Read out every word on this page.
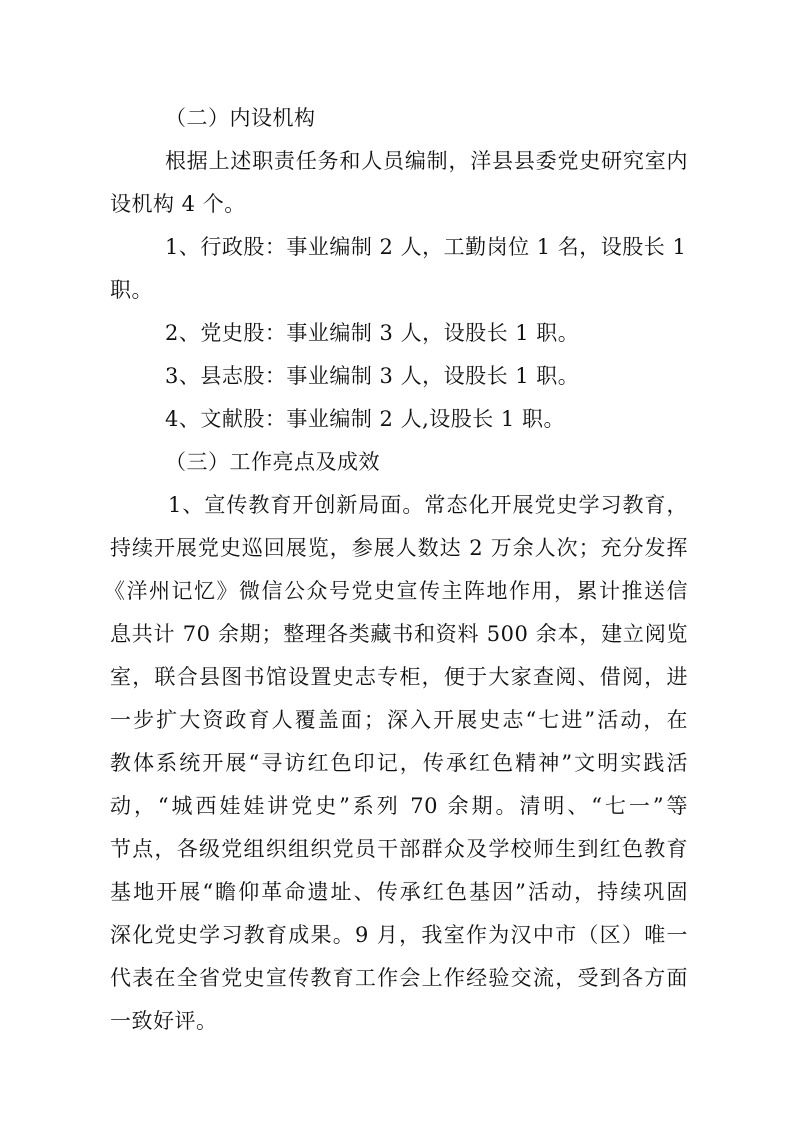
（二）内设机构
根据上述职责任务和人员编制，洋县县委党史研究室内
设机构 4 个。
1、行政股：事业编制 2 人，工勤岗位 1 名，设股长 1
职。
2、党史股：事业编制 3 人，设股长 1 职。
3、县志股：事业编制 3 人，设股长 1 职。
4、文献股：事业编制 2 人,设股长 1 职。
（三）工作亮点及成效
1、宣传教育开创新局面。常态化开展党史学习教育，
持续开展党史巡回展览，参展人数达 2 万余人次；充分发挥
《洋州记忆》微信公众号党史宣传主阵地作用，累计推送信
息共计 70 余期；整理各类藏书和资料 500 余本，建立阅览
室，联合县图书馆设置史志专柜，便于大家查阅、借阅，进
一步扩大资政育人覆盖面；深入开展史志“七进”活动，在
教体系统开展“寻访红色印记，传承红色精神”文明实践活
动，“城西娃娃讲党史”系列 70 余期。清明、“七一”等
节点，各级党组织组织党员干部群众及学校师生到红色教育
基地开展“瞻仰革命遗址、传承红色基因”活动，持续巩固
深化党史学习教育成果。9 月，我室作为汉中市（区）唯一
代表在全省党史宣传教育工作会上作经验交流，受到各方面
一致好评。
